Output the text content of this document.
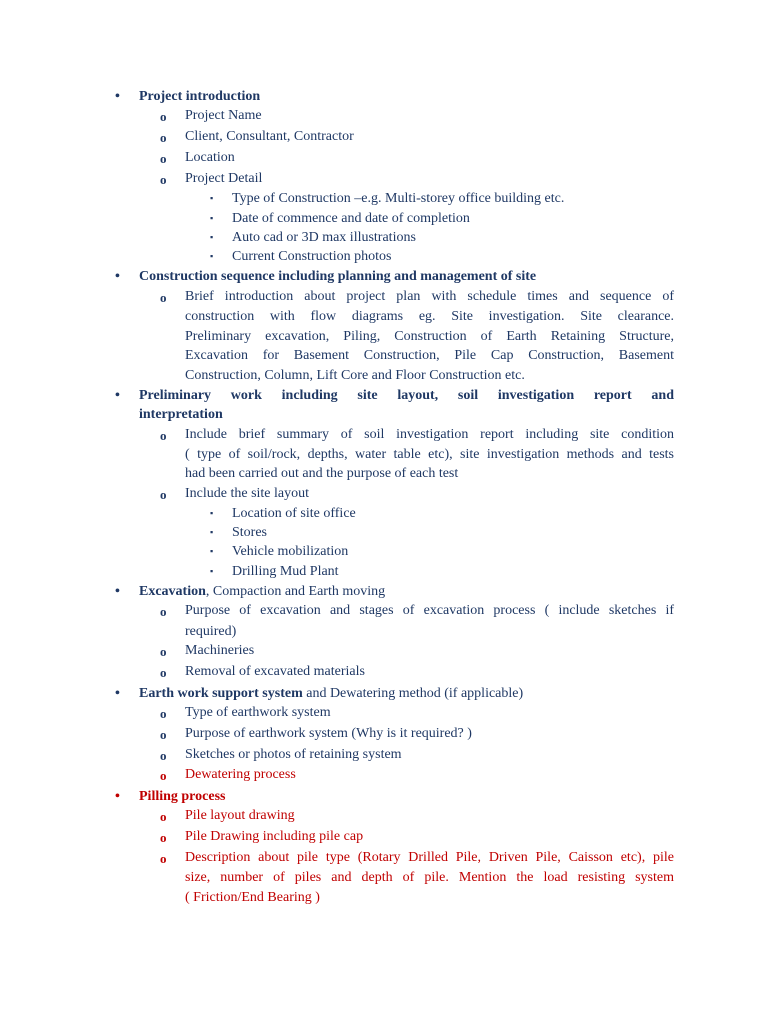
• Project introduction
o Project Name
o Client, Consultant, Contractor
o Location
o Project Detail
▪ Type of Construction –e.g. Multi-storey office building etc.
▪ Date of commence and date of completion
▪ Auto cad or 3D max illustrations
▪ Current Construction photos
• Construction sequence including planning and management of site
o Brief introduction about project plan with schedule times and sequence of
construction with flow diagrams eg. Site investigation. Site clearance.
Preliminary excavation, Piling, Construction of Earth Retaining Structure,
Excavation for Basement Construction, Pile Cap Construction, Basement
Construction, Column, Lift Core and Floor Construction etc.
• Preliminary work including site layout, soil investigation report and
interpretation
o Include brief summary of soil investigation report including site condition
( type of soil/rock, depths, water table etc), site investigation methods and tests
had been carried out and the purpose of each test
o Include the site layout
▪ Location of site office
▪ Stores
▪ Vehicle mobilization
▪ Drilling Mud Plant
• Excavation, Compaction and Earth moving
o Purpose of excavation and stages of excavation process ( include sketches if
required)
o Machineries
o Removal of excavated materials
• Earth work support system and Dewatering method (if applicable)
o Type of earthwork system
o Purpose of earthwork system (Why is it required? )
o Sketches or photos of retaining system
o Dewatering process
• Pilling process
o Pile layout drawing
o Pile Drawing including pile cap
o Description about pile type (Rotary Drilled Pile, Driven Pile, Caisson etc), pile
size, number of piles and depth of pile. Mention the load resisting system
( Friction/End Bearing )
